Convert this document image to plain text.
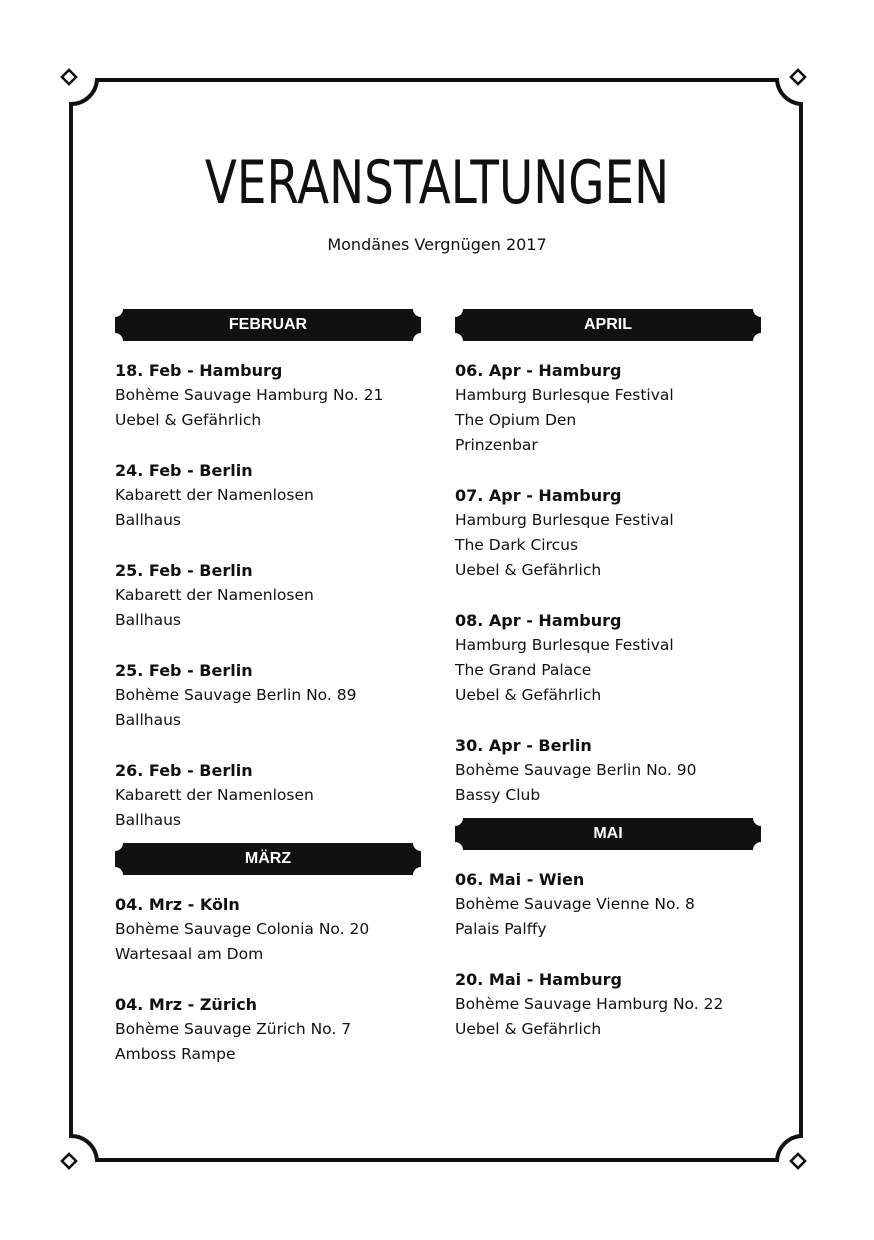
VERANSTALTUNGEN
Mondänes Vergnügen 2017
FEBRUAR
18. Feb - Hamburg
Bohème Sauvage Hamburg No. 21
Uebel & Gefährlich
24. Feb - Berlin
Kabarett der Namenlosen
Ballhaus
25. Feb - Berlin
Kabarett der Namenlosen
Ballhaus
25. Feb - Berlin
Bohème Sauvage Berlin No. 89
Ballhaus
26. Feb - Berlin
Kabarett der Namenlosen
Ballhaus
MÄRZ
04. Mrz - Köln
Bohème Sauvage Colonia No. 20
Wartesaal am Dom
04. Mrz - Zürich
Bohème Sauvage Zürich No. 7
Amboss Rampe
APRIL
06. Apr - Hamburg
Hamburg Burlesque Festival
The Opium Den
Prinzenbar
07. Apr - Hamburg
Hamburg Burlesque Festival
The Dark Circus
Uebel & Gefährlich
08. Apr - Hamburg
Hamburg Burlesque Festival
The Grand Palace
Uebel & Gefährlich
30. Apr - Berlin
Bohème Sauvage Berlin No. 90
Bassy Club
MAI
06. Mai - Wien
Bohème Sauvage Vienne No. 8
Palais Palffy
20. Mai - Hamburg
Bohème Sauvage Hamburg No. 22
Uebel & Gefährlich
